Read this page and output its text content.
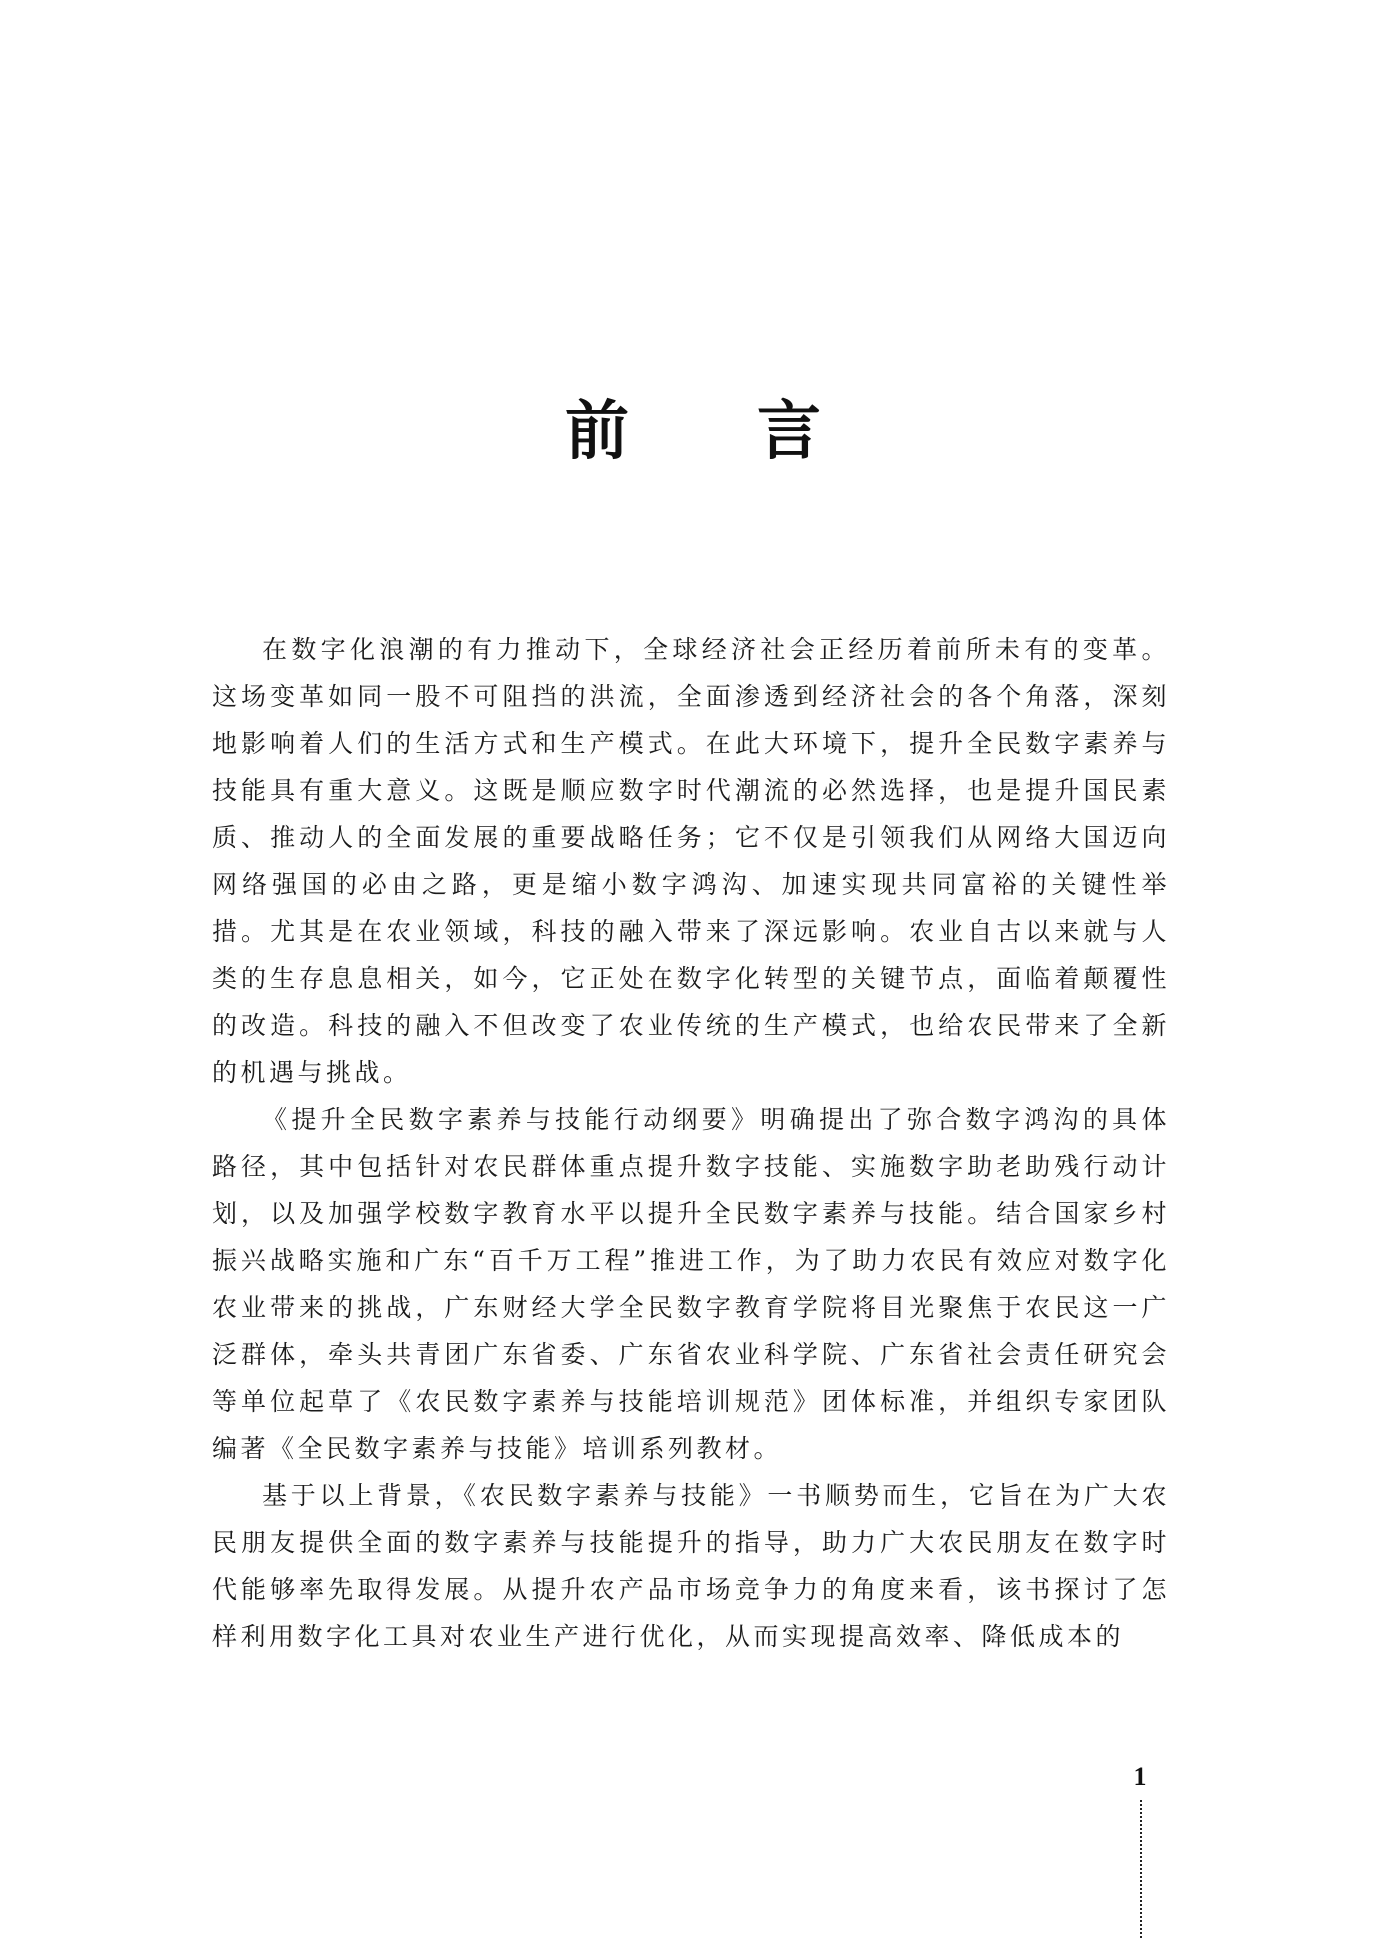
前 言

在数字化浪潮的有力推动下，全球经济社会正经历着前所未有的变革。这场变革如同一股不可阻挡的洪流，全面渗透到经济社会的各个角落，深刻地影响着人们的生活方式和生产模式。在此大环境下，提升全民数字素养与技能具有重大意义。这既是顺应数字时代潮流的必然选择，也是提升国民素质、推动人的全面发展的重要战略任务；它不仅是引领我们从网络大国迈向网络强国的必由之路，更是缩小数字鸿沟、加速实现共同富裕的关键性举措。尤其是在农业领域，科技的融入带来了深远影响。农业自古以来就与人类的生存息息相关，如今，它正处在数字化转型的关键节点，面临着颠覆性的改造。科技的融入不但改变了农业传统的生产模式，也给农民带来了全新的机遇与挑战。

《提升全民数字素养与技能行动纲要》明确提出了弥合数字鸿沟的具体路径，其中包括针对农民群体重点提升数字技能、实施数字助老助残行动计划，以及加强学校数字教育水平以提升全民数字素养与技能。结合国家乡村振兴战略实施和广东“百千万工程”推进工作，为了助力农民有效应对数字化农业带来的挑战，广东财经大学全民数字教育学院将目光聚焦于农民这一广泛群体，牵头共青团广东省委、广东省农业科学院、广东省社会责任研究会等单位起草了《农民数字素养与技能培训规范》团体标准，并组织专家团队编著《全民数字素养与技能》培训系列教材。

基于以上背景，《农民数字素养与技能》一书顺势而生，它旨在为广大农民朋友提供全面的数字素养与技能提升的指导，助力广大农民朋友在数字时代能够率先取得发展。从提升农产品市场竞争力的角度来看，该书探讨了怎样利用数字化工具对农业生产进行优化，从而实现提高效率、降低成本的

1
